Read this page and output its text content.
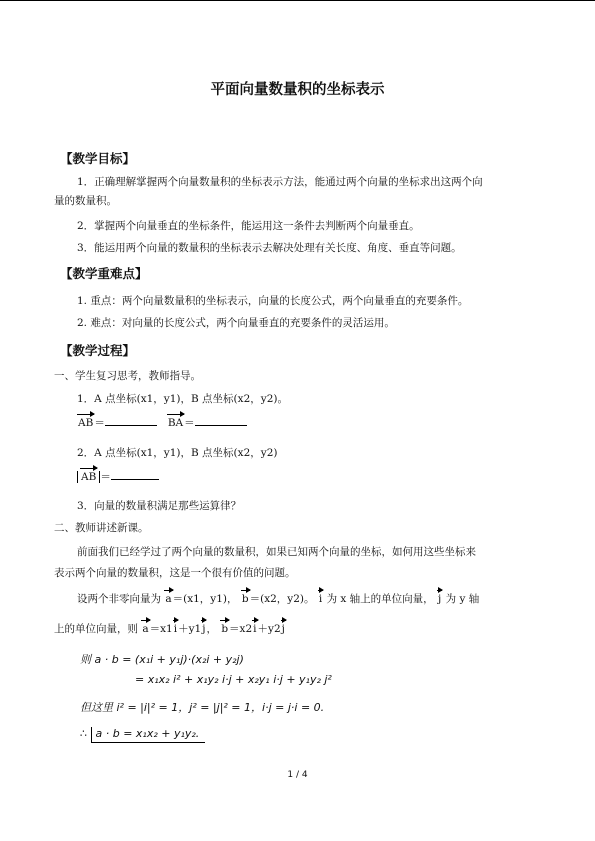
平面向量数量积的坐标表示
【教学目标】
1．正确理解掌握两个向量数量积的坐标表示方法，能通过两个向量的坐标求出这两个向
量的数量积。
2．掌握两个向量垂直的坐标条件，能运用这一条件去判断两个向量垂直。
3．能运用两个向量的数量积的坐标表示去解决处理有关长度、角度、垂直等问题。
【教学重难点】
1. 重点：两个向量数量积的坐标表示，向量的长度公式，两个向量垂直的充要条件。
2. 难点：对向量的长度公式，两个向量垂直的充要条件的灵活运用。
【教学过程】
一、学生复习思考，教师指导。
1．A 点坐标(x1，y1)，B 点坐标(x2，y2)。
AB＝	BA＝
2．A 点坐标(x1，y1)，B 点坐标(x2，y2)
AB ＝
3．向量的数量积满足那些运算律？
二、教师讲述新课。
前面我们已经学过了两个向量的数量积，如果已知两个向量的坐标，如何用这些坐标来
表示两个向量的数量积，这是一个很有价值的问题。
设两个非零向量为 a＝(x1，y1)， b＝(x2，y2)。 i 为 x 轴上的单位向量， j 为 y 轴
上的单位向量，则 a＝x1i＋y1j， b＝x2i＋y2j
则 a · b = (x₁i + y₁j)·(x₂i + y₂j)
= x₁x₂ i² + x₁y₂ i·j + x₂y₁ i·j + y₁y₂ j²
但这里 i² = |i|² = 1，j² = |j|² = 1，i·j = j·i = 0.
∴ a · b = x₁x₂ + y₁y₂.
1 / 4
